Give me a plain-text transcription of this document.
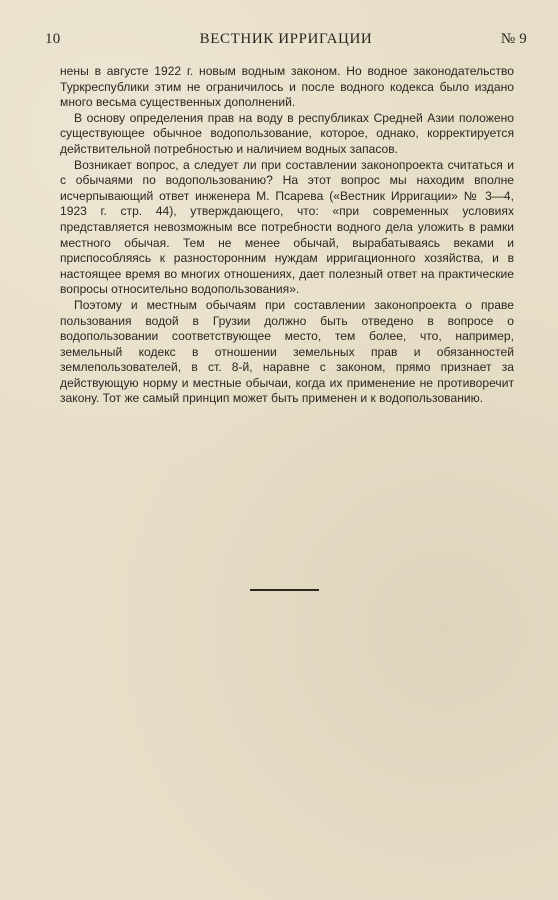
10	ВЕСТНИК ИРРИГАЦИИ	№ 9

нены в августе 1922 г. новым водным законом. Но водное законодательство Туркреспублики этим не ограничилось и после водного кодекса было издано много весьма существенных дополнений.

В основу определения прав на воду в республиках Средней Азии положено существующее обычное водопользование, которое, однако, корректируется действительной потребностью и наличием водных запасов.

Возникает вопрос, а следует ли при составлении законопроекта считаться и с обычаями по водопользованию? На этот вопрос мы находим вполне исчерпывающий ответ инженера М. Псарева («Вестник Ирригации» № 3—4, 1923 г. стр. 44), утверждающего, что: «при современных условиях представляется невозможным все потребности водного дела уложить в рамки местного обычая. Тем не менее обычай, вырабатываясь веками и приспособляясь к разносторонним нуждам ирригационного хозяйства, и в настоящее время во многих отношениях, дает полезный ответ на практические вопросы относительно водопользования».

Поэтому и местным обычаям при составлении законопроекта о праве пользования водой в Грузии должно быть отведено в вопросе о водопользовании соответствующее место, тем более, что, например, земельный кодекс в отношении земельных прав и обязанностей землепользователей, в ст. 8-й, наравне с законом, прямо признает за действующую норму и местные обычаи, когда их применение не противоречит закону. Тот же самый принцип может быть применен и к водопользованию.
